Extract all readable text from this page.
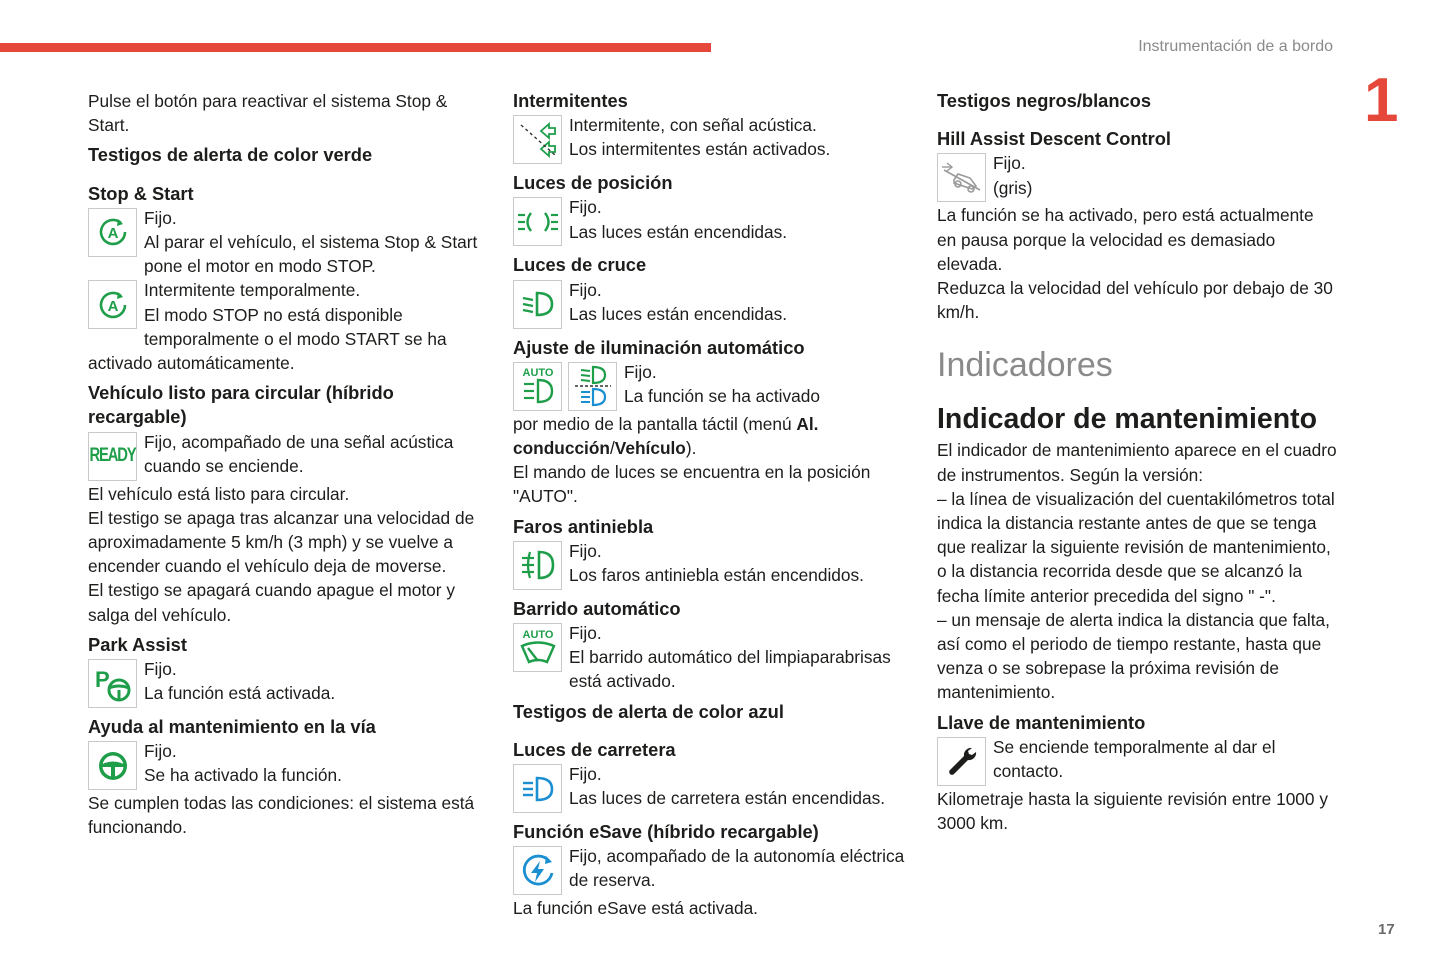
Instrumentación de a bordo
1
17
Pulse el botón para reactivar el sistema Stop & Start.
Testigos de alerta de color verde
Stop & Start
A
Fijo.
Al parar el vehículo, el sistema Stop & Start pone el motor en modo STOP.
A
Intermitente temporalmente.
El modo STOP no está disponible temporalmente o el modo START se ha activado automáticamente.
Vehículo listo para circular (híbrido recargable)
READY
Fijo, acompañado de una señal acústica cuando se enciende.
El vehículo está listo para circular.
El testigo se apaga tras alcanzar una velocidad de aproximadamente 5 km/h (3 mph) y se vuelve a encender cuando el vehículo deja de moverse.
El testigo se apagará cuando apague el motor y salga del vehículo.
Park Assist
P	Fijo.
La función está activada.
Ayuda al mantenimiento en la vía
Fijo.
Se ha activado la función.
Se cumplen todas las condiciones: el sistema está funcionando.
Intermitentes
Intermitente, con señal acústica.
Los intermitentes están activados.
Luces de posición
Fijo.
Las luces están encendidas.
Luces de cruce
Fijo.
Las luces están encendidas.
Ajuste de iluminación automático
AUTO	Fijo.
La función se ha activado
por medio de la pantalla táctil (menú Al. conducción/Vehículo).
El mando de luces se encuentra en la posición "AUTO".
Faros antiniebla
Fijo.
Los faros antiniebla están encendidos.
Barrido automático
AUTO Fijo.
El barrido automático del limpiaparabrisas está activado.
Testigos de alerta de color azul
Luces de carretera
Fijo.
Las luces de carretera están encendidas.
Función eSave (híbrido recargable)
Fijo, acompañado de la autonomía eléctrica de reserva.
La función eSave está activada.
Testigos negros/blancos
Hill Assist Descent Control
Fijo.
(gris)
La función se ha activado, pero está actualmente en pausa porque la velocidad es demasiado elevada.
Reduzca la velocidad del vehículo por debajo de 30 km/h.
Indicadores
Indicador de mantenimiento
El indicador de mantenimiento aparece en el cuadro de instrumentos. Según la versión:
– la línea de visualización del cuentakilómetros total indica la distancia restante antes de que se tenga que realizar la siguiente revisión de mantenimiento, o la distancia recorrida desde que se alcanzó la fecha límite anterior precedida del signo " -".
– un mensaje de alerta indica la distancia que falta, así como el periodo de tiempo restante, hasta que venza o se sobrepase la próxima revisión de mantenimiento.
Llave de mantenimiento
Se enciende temporalmente al dar el contacto.
Kilometraje hasta la siguiente revisión entre 1000 y 3000 km.
